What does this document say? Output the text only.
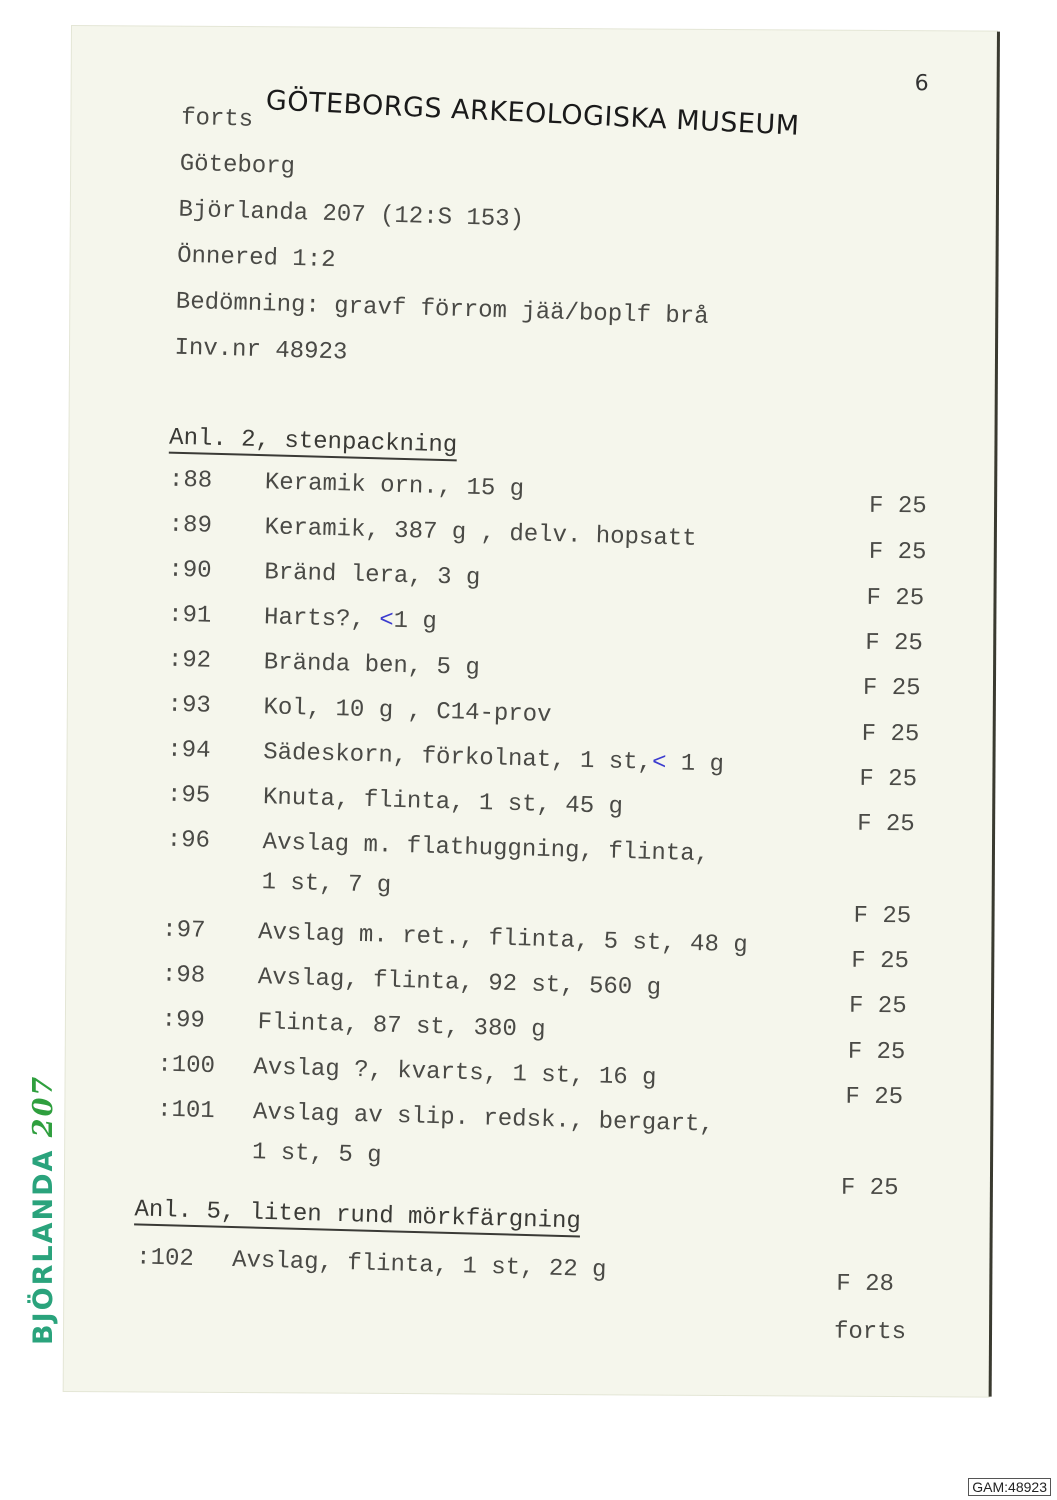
GÖTEBORGS ARKEOLOGISKA MUSEUM
6
forts
Göteborg
Björlanda 207 (12:S 153)
Önnered 1:2
Bedömning: gravf förrom jää/boplf brå
Inv.nr 48923
Anl. 2, stenpackning
:88 Keramik orn., 15 g
:89 Keramik, 387 g , delv. hopsatt
:90 Bränd lera, 3 g
:91 Harts?, <1 g
:92 Brända ben, 5 g
:93 Kol, 10 g , C14-prov
:94 Sädeskorn, förkolnat, 1 st,< 1 g
:95 Knuta, flinta, 1 st, 45 g
:96 Avslag m. flathuggning, flinta,
1 st, 7 g
:97 Avslag m. ret., flinta, 5 st, 48 g
:98 Avslag, flinta, 92 st, 560 g
:99 Flinta, 87 st, 380 g
:100 Avslag ?, kvarts, 1 st, 16 g
:101 Avslag av slip. redsk., bergart,
1 st, 5 g
F 25
F 25
F 25
F 25
F 25
F 25
F 25
F 25
F 25
F 25
F 25
F 25
F 25
F 25
Anl. 5, liten rund mörkfärgning
:102 Avslag, flinta, 1 st, 22 g
F 28
forts
BJÖRLANDA 207
GAM:48923
